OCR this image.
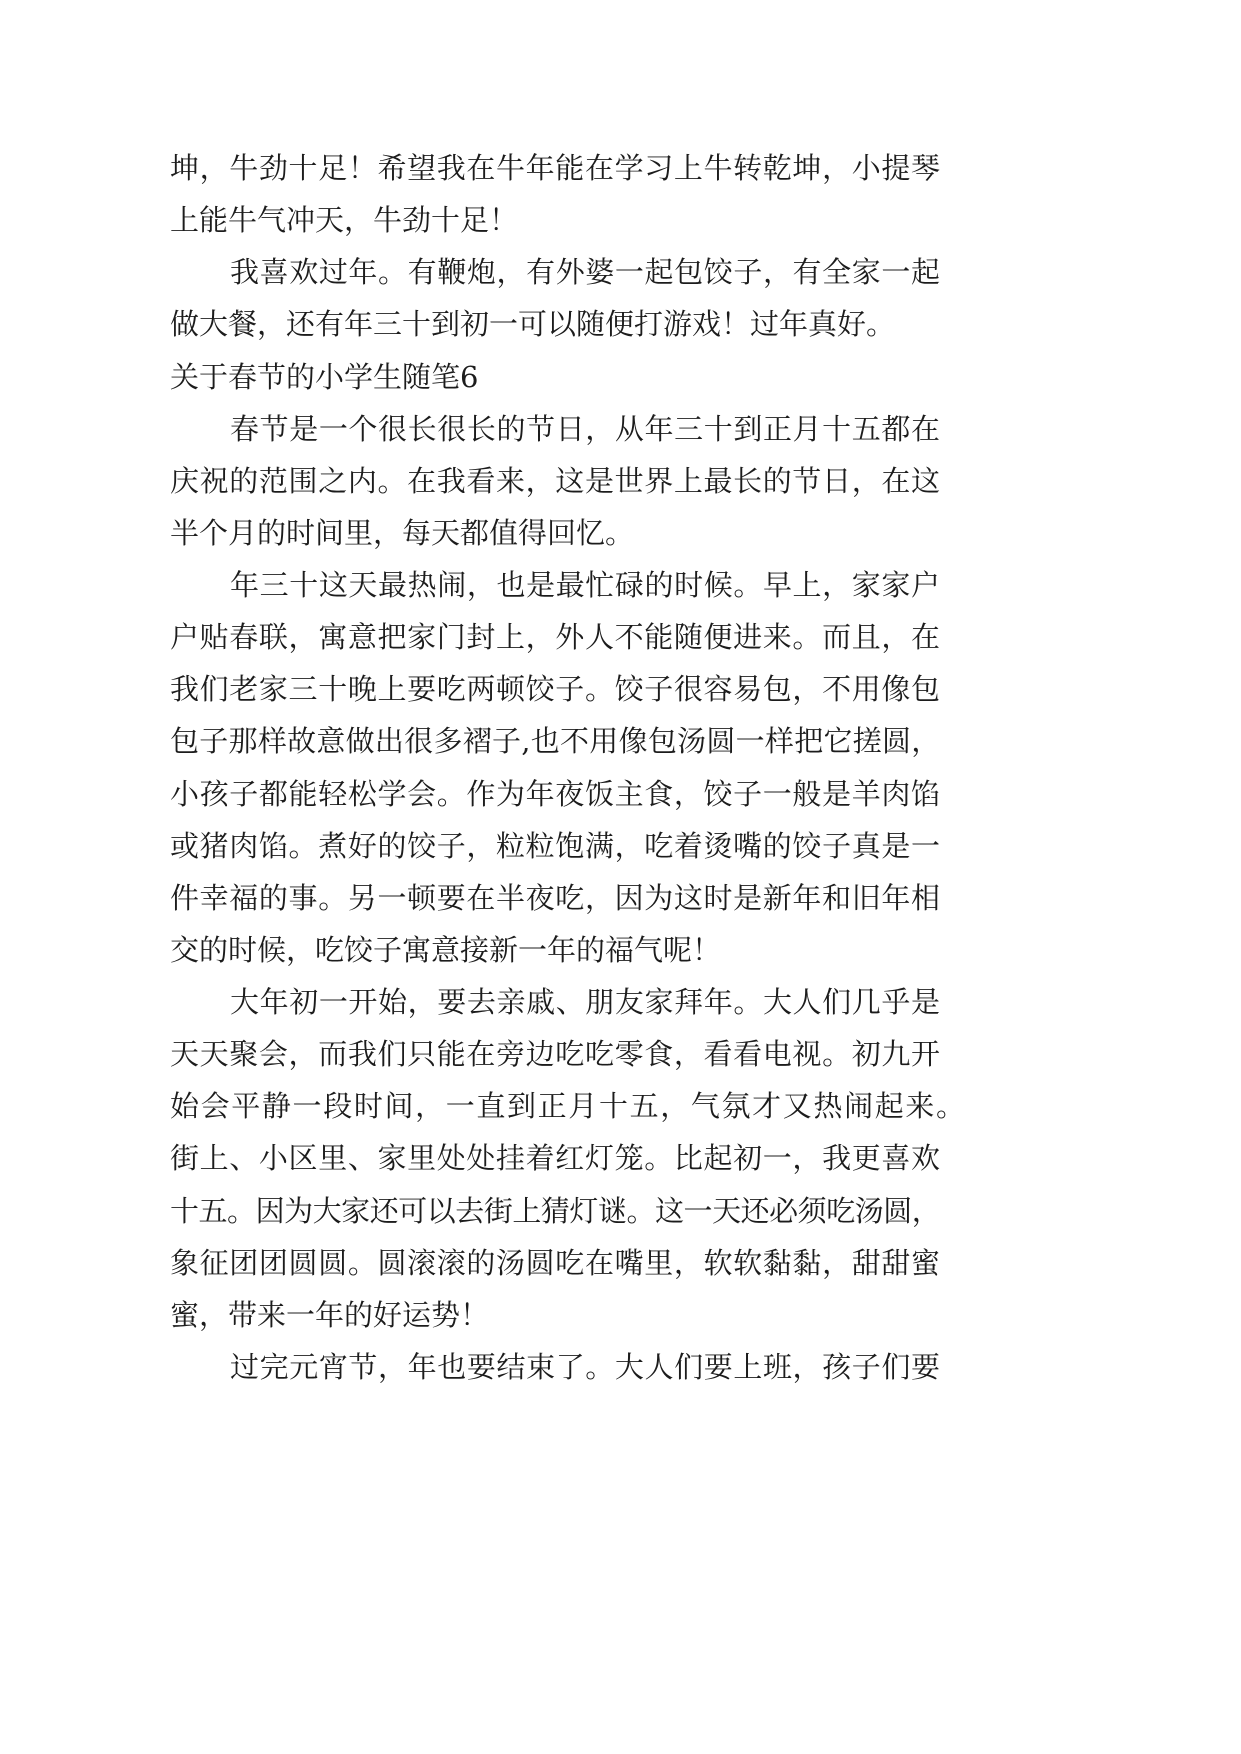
坤，牛劲十足！希望我在牛年能在学习上牛转乾坤，小提琴
上能牛气冲天，牛劲十足！
我喜欢过年。有鞭炮，有外婆一起包饺子，有全家一起
做大餐，还有年三十到初一可以随便打游戏！过年真好。
关于春节的小学生随笔6
春节是一个很长很长的节日，从年三十到正月十五都在
庆祝的范围之内。在我看来，这是世界上最长的节日，在这
半个月的时间里，每天都值得回忆。
年三十这天最热闹，也是最忙碌的时候。早上，家家户
户贴春联，寓意把家门封上，外人不能随便进来。而且，在
我们老家三十晚上要吃两顿饺子。饺子很容易包，不用像包
包子那样故意做出很多褶子,也不用像包汤圆一样把它搓圆，
小孩子都能轻松学会。作为年夜饭主食，饺子一般是羊肉馅
或猪肉馅。煮好的饺子，粒粒饱满，吃着烫嘴的饺子真是一
件幸福的事。另一顿要在半夜吃，因为这时是新年和旧年相
交的时候，吃饺子寓意接新一年的福气呢！
大年初一开始，要去亲戚、朋友家拜年。大人们几乎是
天天聚会，而我们只能在旁边吃吃零食，看看电视。初九开
始会平静一段时间，一直到正月十五，气氛才又热闹起来。
街上、小区里、家里处处挂着红灯笼。比起初一，我更喜欢
十五。因为大家还可以去街上猜灯谜。这一天还必须吃汤圆，
象征团团圆圆。圆滚滚的汤圆吃在嘴里，软软黏黏，甜甜蜜
蜜，带来一年的好运势！
过完元宵节，年也要结束了。大人们要上班，孩子们要
